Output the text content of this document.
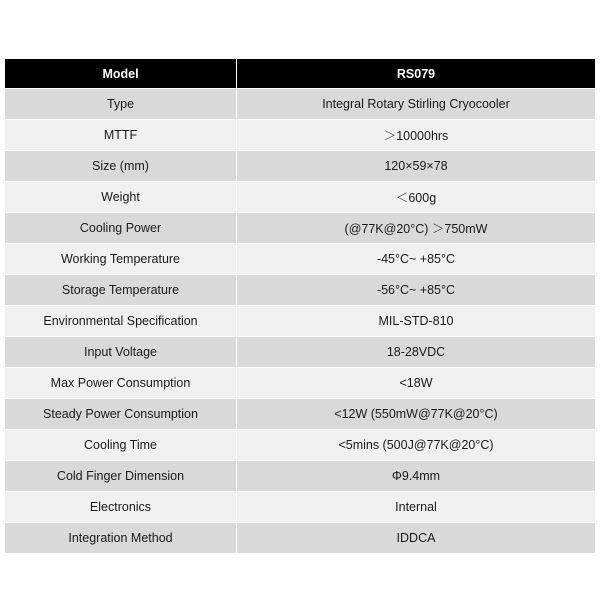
Model	RS079
Type	Integral Rotary Stirling Cryocooler
MTTF	＞10000hrs
Size (mm)	120×59×78
Weight	＜600g
Cooling Power	(@77K@20°C) ＞750mW
Working Temperature	-45°C~ +85°C
Storage Temperature	-56°C~ +85°C
Environmental Specification	MIL-STD-810
Input Voltage	18-28VDC
Max Power Consumption	<18W
Steady Power Consumption	<12W (550mW@77K@20°C)
Cooling Time	<5mins (500J@77K@20°C)
Cold Finger Dimension	Φ9.4mm
Electronics	Internal
Integration Method	IDDCA
